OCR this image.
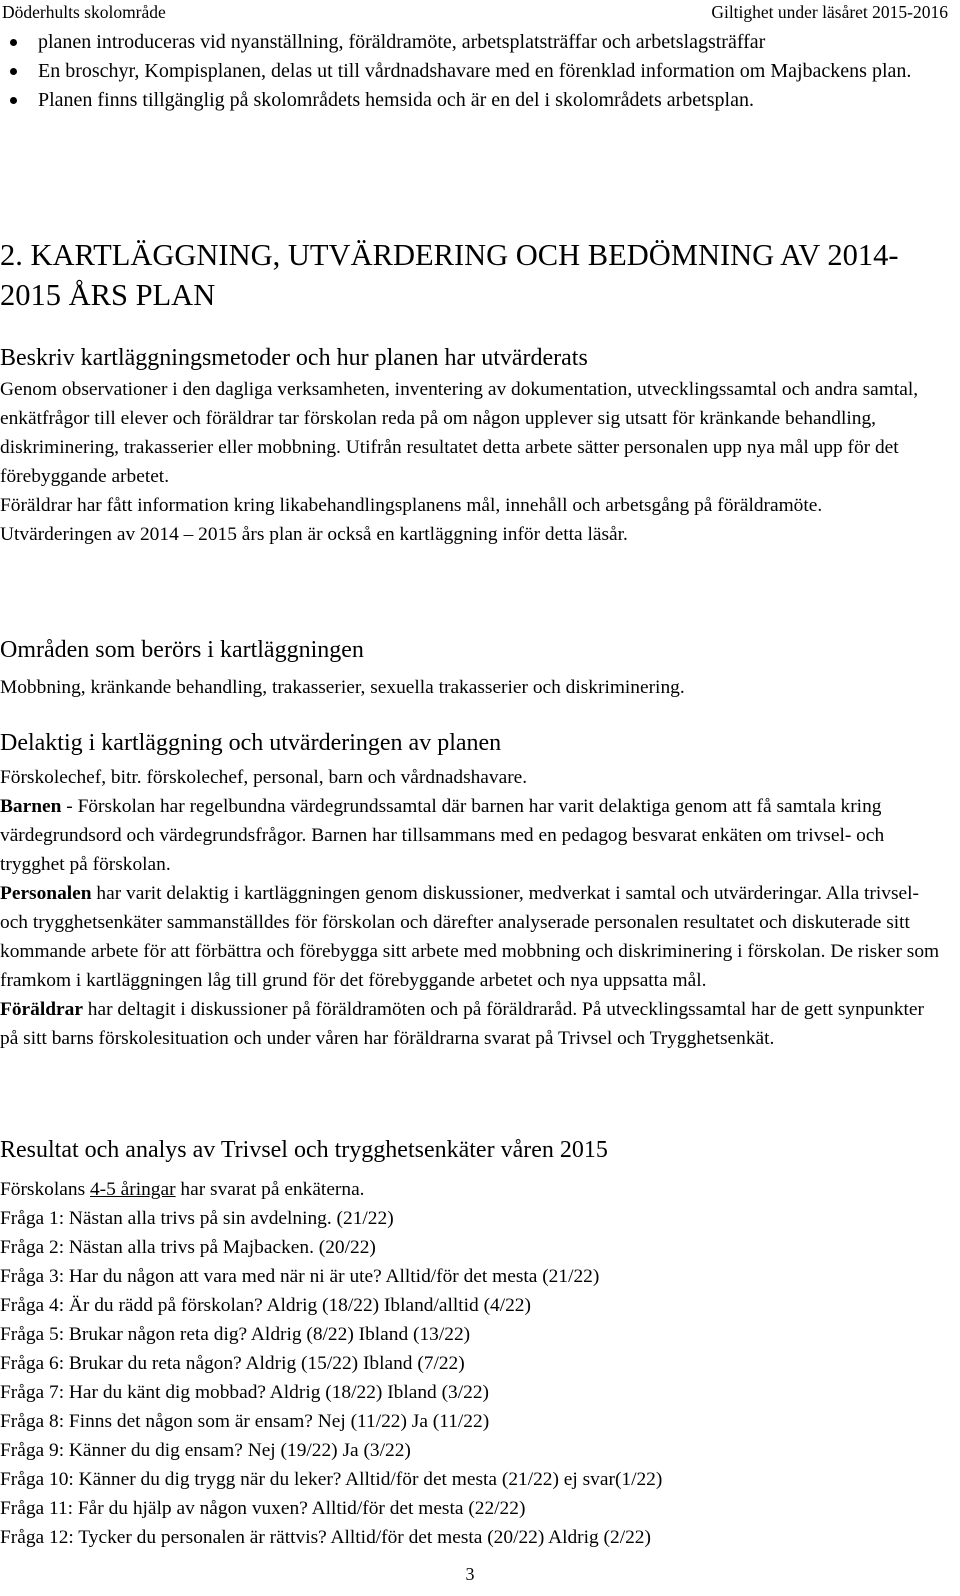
Döderhults skolområde	Giltighet under läsåret 2015-2016
planen introduceras vid nyanställning, föräldramöte, arbetsplatsträffar och arbetslagsträffar
En broschyr, Kompisplanen, delas ut till vårdnadshavare med en förenklad information om Majbackens plan.
Planen finns tillgänglig på skolområdets hemsida och är en del i skolområdets arbetsplan.
2. KARTLÄGGNING, UTVÄRDERING OCH BEDÖMNING AV 2014-2015 ÅRS PLAN
Beskriv kartläggningsmetoder och hur planen har utvärderats

Genom observationer i den dagliga verksamheten, inventering av dokumentation, utvecklingssamtal och andra samtal, enkätfrågor till elever och föräldrar tar förskolan reda på om någon upplever sig utsatt för kränkande behandling, diskriminering, trakasserier eller mobbning. Utifrån resultatet detta arbete sätter personalen upp nya mål upp för det förebyggande arbetet.

Föräldrar har fått information kring likabehandlingsplanens mål, innehåll och arbetsgång på föräldramöte.

Utvärderingen av 2014 – 2015 års plan är också en kartläggning inför detta läsår.

Områden som berörs i kartläggningen

Mobbning, kränkande behandling, trakasserier, sexuella trakasserier och diskriminering.

Delaktig i kartläggning och utvärderingen av planen

Förskolechef, bitr. förskolechef, personal, barn och vårdnadshavare.

Barnen - Förskolan har regelbundna värdegrundssamtal där barnen har varit delaktiga genom att få samtala kring värdegrundsord och värdegrundsfrågor. Barnen har tillsammans med en pedagog besvarat enkäten om trivsel- och trygghet på förskolan.

Personalen har varit delaktig i kartläggningen genom diskussioner, medverkat i samtal och utvärderingar. Alla trivsel- och trygghetsenkäter sammanställdes för förskolan och därefter analyserade personalen resultatet och diskuterade sitt kommande arbete för att förbättra och förebygga sitt arbete med mobbning och diskriminering i förskolan. De risker som framkom i kartläggningen låg till grund för det förebyggande arbetet och nya uppsatta mål.

Föräldrar har deltagit i diskussioner på föräldramöten och på föräldraråd. På utvecklingssamtal har de gett synpunkter på sitt barns förskolesituation och under våren har föräldrarna svarat på Trivsel och Trygghetsenkät.

Resultat och analys av Trivsel och trygghetsenkäter våren 2015

Förskolans 4-5 åringar har svarat på enkäterna.

Fråga 1: Nästan alla trivs på sin avdelning. (21/22)

Fråga 2: Nästan alla trivs på Majbacken. (20/22)

Fråga 3: Har du någon att vara med när ni är ute? Alltid/för det mesta (21/22)

Fråga 4: Är du rädd på förskolan? Aldrig (18/22) Ibland/alltid (4/22)

Fråga 5: Brukar någon reta dig? Aldrig (8/22) Ibland (13/22)

Fråga 6: Brukar du reta någon? Aldrig (15/22) Ibland (7/22)

Fråga 7: Har du känt dig mobbad? Aldrig (18/22) Ibland (3/22)

Fråga 8: Finns det någon som är ensam? Nej (11/22) Ja (11/22)

Fråga 9: Känner du dig ensam? Nej (19/22) Ja (3/22)

Fråga 10: Känner du dig trygg när du leker? Alltid/för det mesta (21/22) ej svar(1/22)

Fråga 11: Får du hjälp av någon vuxen? Alltid/för det mesta (22/22)

Fråga 12: Tycker du personalen är rättvis? Alltid/för det mesta (20/22) Aldrig (2/22)

3
